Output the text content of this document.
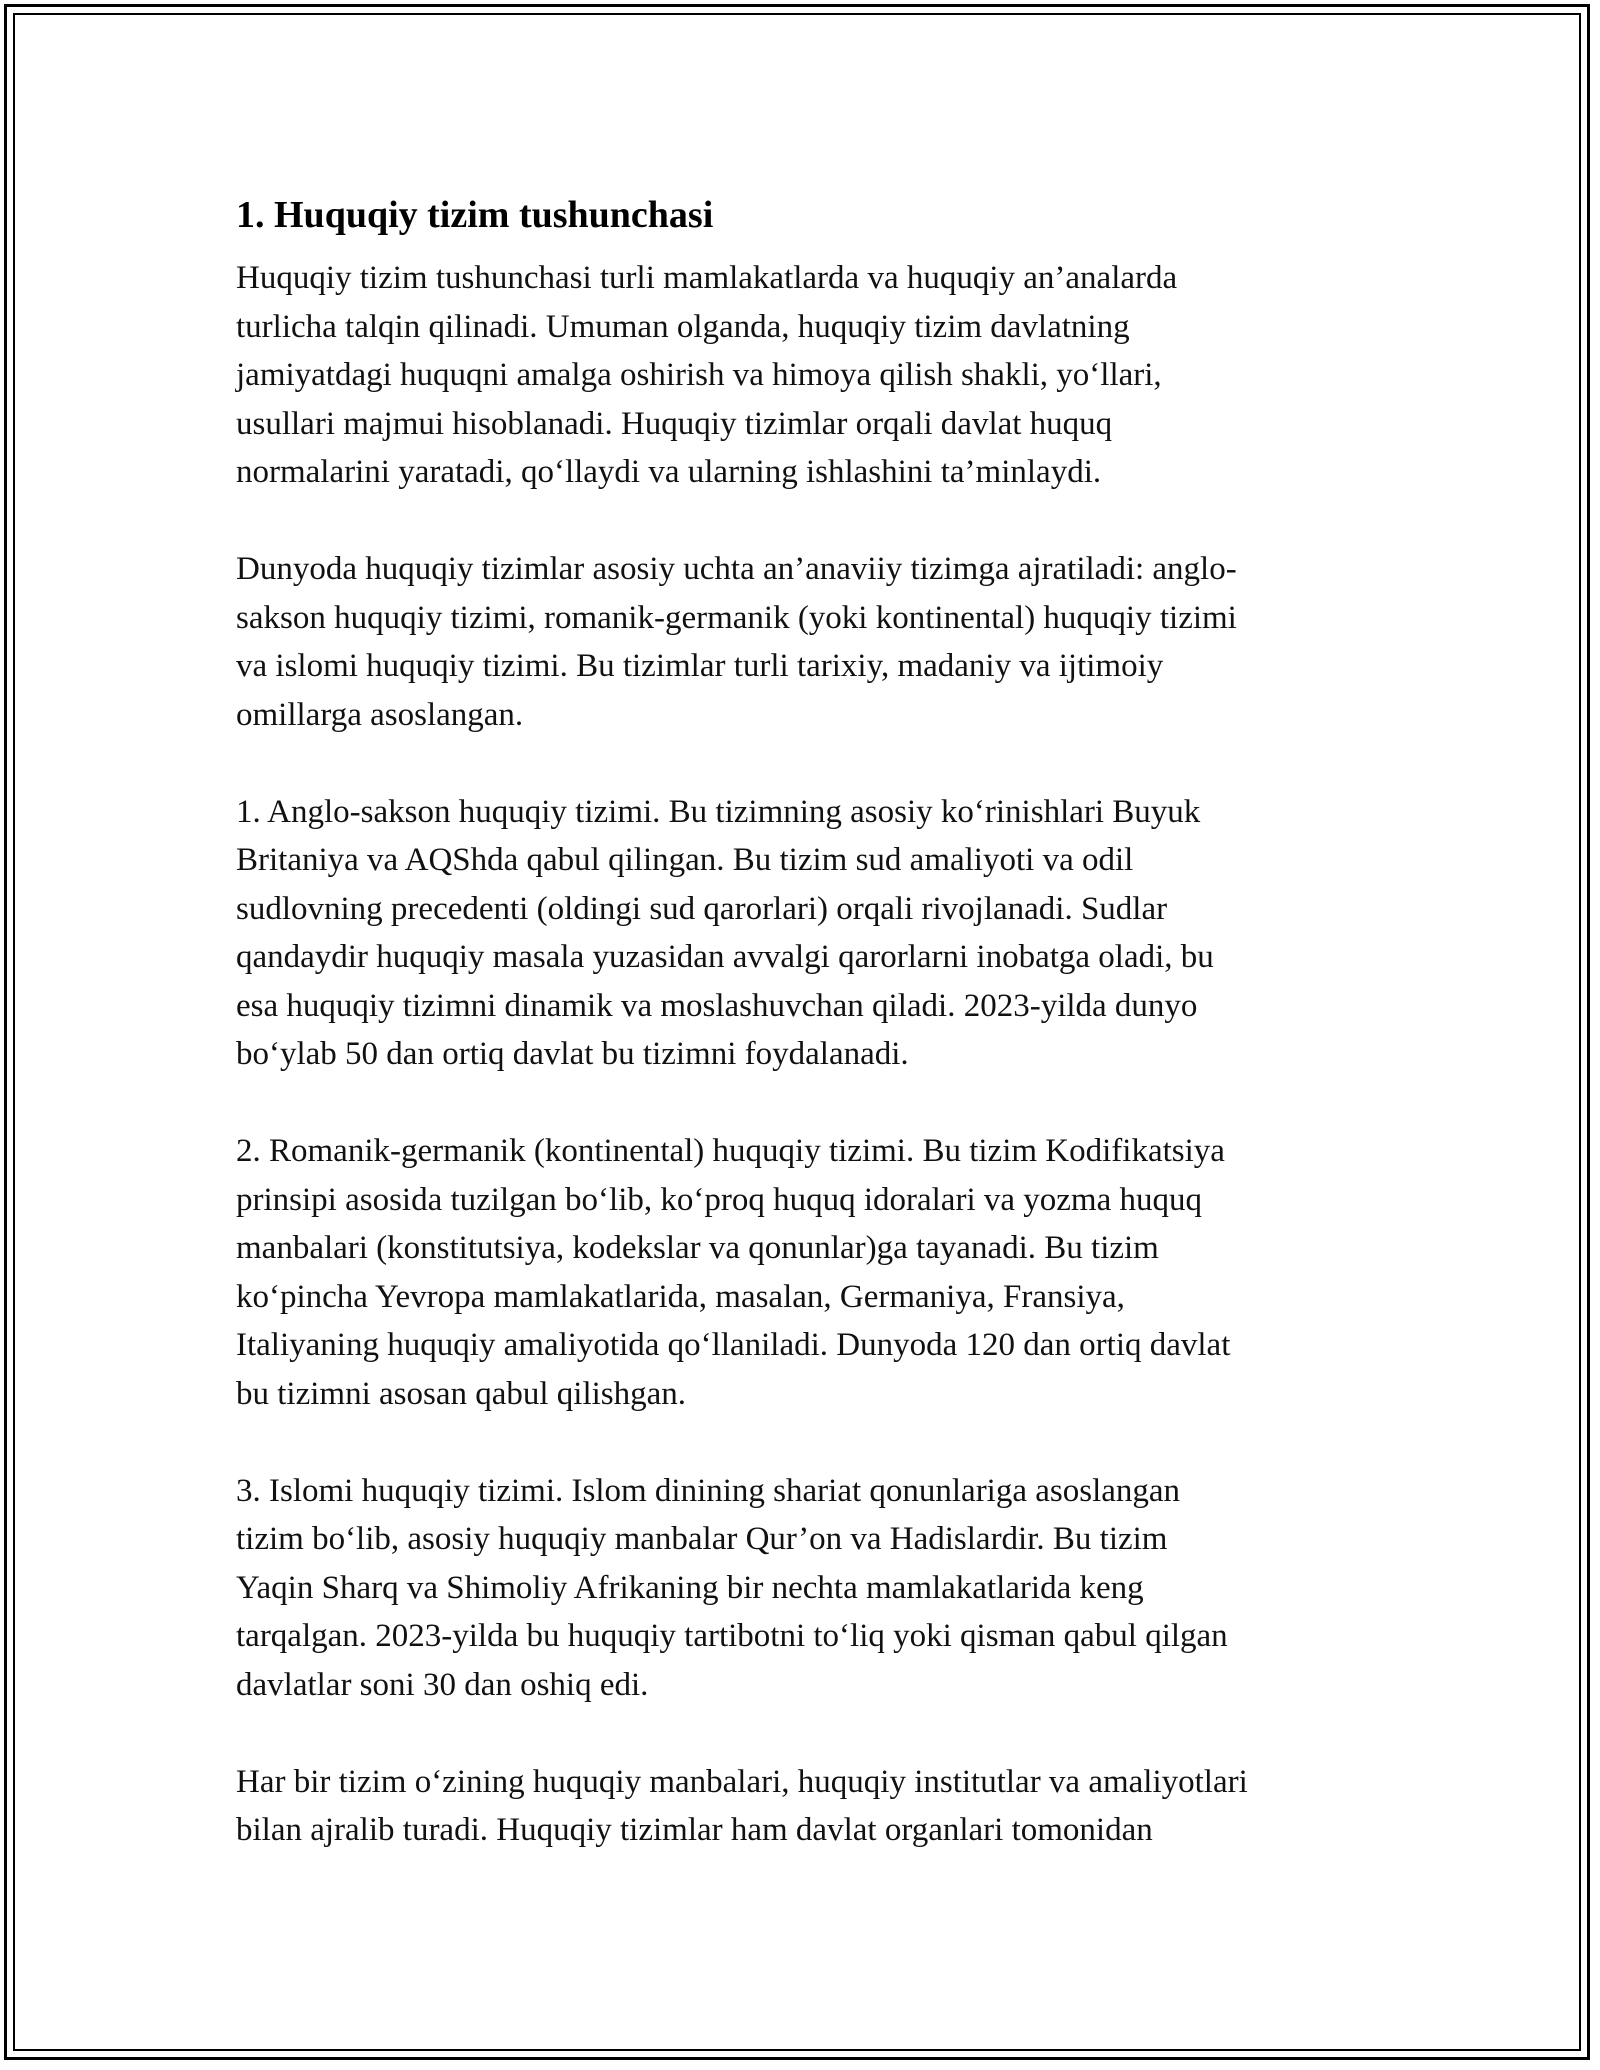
1. Huquqiy tizim tushunchasi

Huquqiy tizim tushunchasi turli mamlakatlarda va huquqiy an’analarda
turlicha talqin qilinadi. Umuman olganda, huquqiy tizim davlatning
jamiyatdagi huquqni amalga oshirish va himoya qilish shakli, yo‘llari,
usullari majmui hisoblanadi. Huquqiy tizimlar orqali davlat huquq
normalarini yaratadi, qo‘llaydi va ularning ishlashini ta’minlaydi.

Dunyoda huquqiy tizimlar asosiy uchta an’anaviiy tizimga ajratiladi: anglo-
sakson huquqiy tizimi, romanik-germanik (yoki kontinental) huquqiy tizimi
va islomi huquqiy tizimi. Bu tizimlar turli tarixiy, madaniy va ijtimoiy
omillarga asoslangan.

1. Anglo-sakson huquqiy tizimi. Bu tizimning asosiy ko‘rinishlari Buyuk
Britaniya va AQShda qabul qilingan. Bu tizim sud amaliyoti va odil
sudlovning precedenti (oldingi sud qarorlari) orqali rivojlanadi. Sudlar
qandaydir huquqiy masala yuzasidan avvalgi qarorlarni inobatga oladi, bu
esa huquqiy tizimni dinamik va moslashuvchan qiladi. 2023-yilda dunyo
bo‘ylab 50 dan ortiq davlat bu tizimni foydalanadi.

2. Romanik-germanik (kontinental) huquqiy tizimi. Bu tizim Kodifikatsiya
prinsipi asosida tuzilgan bo‘lib, ko‘proq huquq idoralari va yozma huquq
manbalari (konstitutsiya, kodekslar va qonunlar)ga tayanadi. Bu tizim
ko‘pincha Yevropa mamlakatlarida, masalan, Germaniya, Fransiya,
Italiyaning huquqiy amaliyotida qo‘llaniladi. Dunyoda 120 dan ortiq davlat
bu tizimni asosan qabul qilishgan.

3. Islomi huquqiy tizimi. Islom dinining shariat qonunlariga asoslangan
tizim bo‘lib, asosiy huquqiy manbalar Qur’on va Hadislardir. Bu tizim
Yaqin Sharq va Shimoliy Afrikaning bir nechta mamlakatlarida keng
tarqalgan. 2023-yilda bu huquqiy tartibotni to‘liq yoki qisman qabul qilgan
davlatlar soni 30 dan oshiq edi.

Har bir tizim o‘zining huquqiy manbalari, huquqiy institutlar va amaliyotlari
bilan ajralib turadi. Huquqiy tizimlar ham davlat organlari tomonidan
